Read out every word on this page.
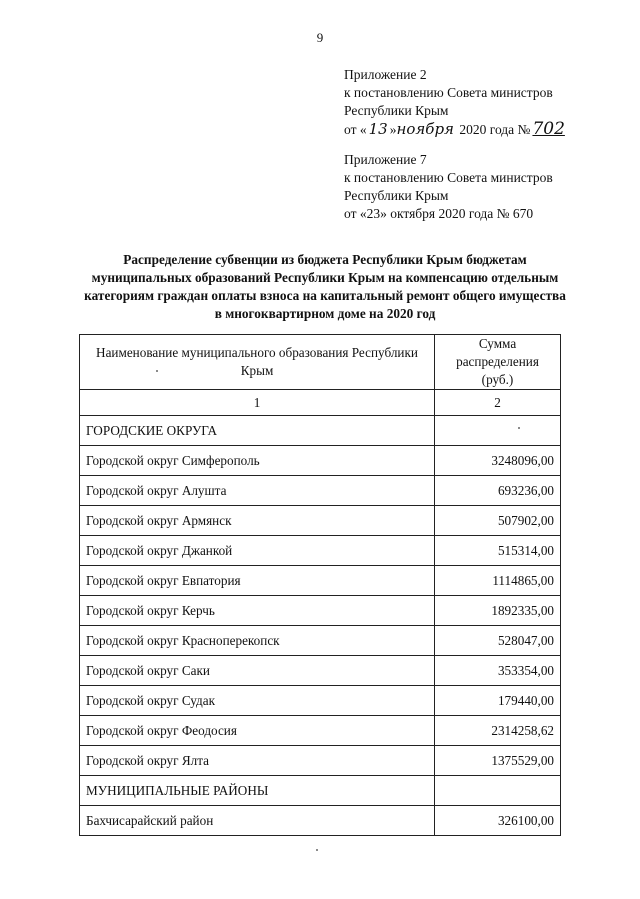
9
Приложение 2
к постановлению Совета министров
Республики Крым
от « 13 »ноября 2020 года № 702
Приложение 7
к постановлению Совета министров
Республики Крым
от «23» октября 2020 года № 670
Распределение субвенции из бюджета Республики Крым бюджетам муниципальных образований Республики Крым на компенсацию отдельным категориям граждан оплаты взноса на капитальный ремонт общего имущества в многоквартирном доме на 2020 год
Наименование муниципального образования Республики Крым	Сумма распределения (руб.)
1	2
ГОРОДСКИЕ ОКРУГА	
Городской округ Симферополь	3248096,00
Городской округ Алушта	693236,00
Городской округ Армянск	507902,00
Городской округ Джанкой	515314,00
Городской округ Евпатория	1114865,00
Городской округ Керчь	1892335,00
Городской округ Красноперекопск	528047,00
Городской округ Саки	353354,00
Городской округ Судак	179440,00
Городской округ Феодосия	2314258,62
Городской округ Ялта	1375529,00
МУНИЦИПАЛЬНЫЕ РАЙОНЫ	
Бахчисарайский район	326100,00
